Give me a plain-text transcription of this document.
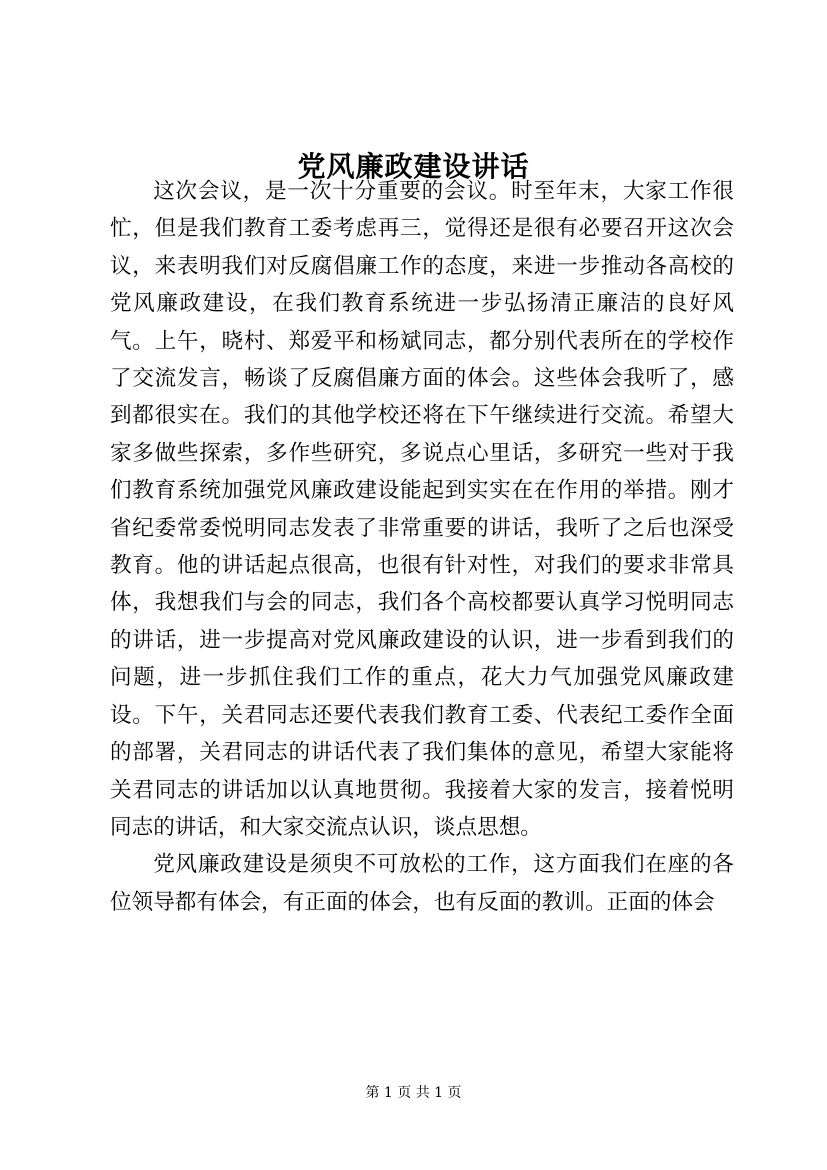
党风廉政建设讲话

这次会议，是一次十分重要的会议。时至年末，大家工作很忙，但是我们教育工委考虑再三，觉得还是很有必要召开这次会议，来表明我们对反腐倡廉工作的态度，来进一步推动各高校的党风廉政建设，在我们教育系统进一步弘扬清正廉洁的良好风气。上午，晓村、郑爱平和杨斌同志，都分别代表所在的学校作了交流发言，畅谈了反腐倡廉方面的体会。这些体会我听了，感到都很实在。我们的其他学校还将在下午继续进行交流。希望大家多做些探索，多作些研究，多说点心里话，多研究一些对于我们教育系统加强党风廉政建设能起到实实在在作用的举措。刚才省纪委常委悦明同志发表了非常重要的讲话，我听了之后也深受教育。他的讲话起点很高，也很有针对性，对我们的要求非常具体，我想我们与会的同志，我们各个高校都要认真学习悦明同志的讲话，进一步提高对党风廉政建设的认识，进一步看到我们的问题，进一步抓住我们工作的重点，花大力气加强党风廉政建设。下午，关君同志还要代表我们教育工委、代表纪工委作全面的部署，关君同志的讲话代表了我们集体的意见，希望大家能将关君同志的讲话加以认真地贯彻。我接着大家的发言，接着悦明同志的讲话，和大家交流点认识，谈点思想。

党风廉政建设是须臾不可放松的工作，这方面我们在座的各位领导都有体会，有正面的体会，也有反面的教训。正面的体会

第 1 页 共 1 页
